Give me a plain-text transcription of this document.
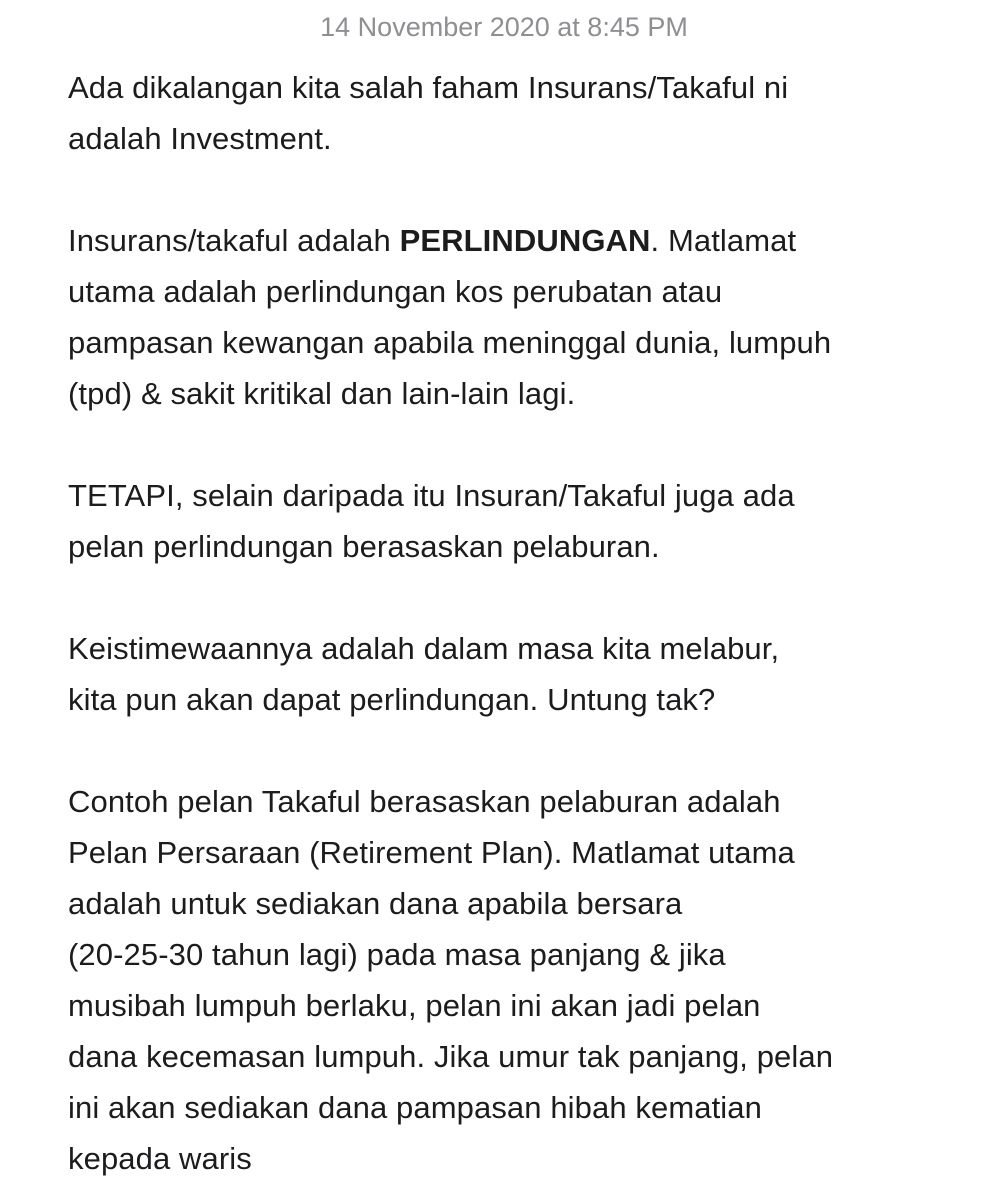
14 November 2020 at 8:45 PM

Ada dikalangan kita salah faham Insurans/Takaful ni
adalah Investment.

Insurans/takaful adalah PERLINDUNGAN. Matlamat
utama adalah perlindungan kos perubatan atau
pampasan kewangan apabila meninggal dunia, lumpuh
(tpd) & sakit kritikal dan lain-lain lagi.

TETAPI, selain daripada itu Insuran/Takaful juga ada
pelan perlindungan berasaskan pelaburan.

Keistimewaannya adalah dalam masa kita melabur,
kita pun akan dapat perlindungan. Untung tak?

Contoh pelan Takaful berasaskan pelaburan adalah
Pelan Persaraan (Retirement Plan). Matlamat utama
adalah untuk sediakan dana apabila bersara
(20-25-30 tahun lagi) pada masa panjang & jika
musibah lumpuh berlaku, pelan ini akan jadi pelan
dana kecemasan lumpuh. Jika umur tak panjang, pelan
ini akan sediakan dana pampasan hibah kematian
kepada waris
